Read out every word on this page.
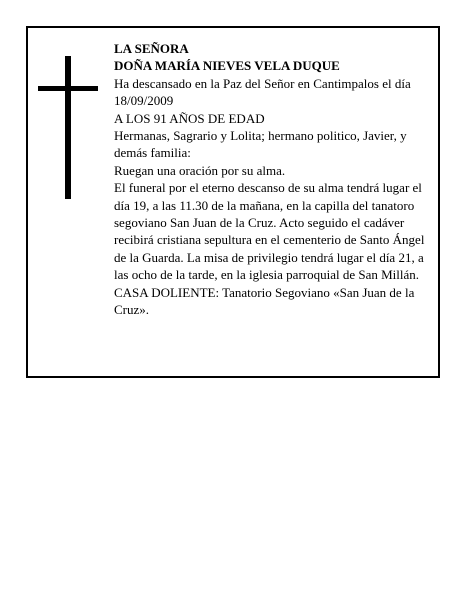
LA SEÑORA

DOÑA MARÍA NIEVES VELA DUQUE

Ha descansado en la Paz del Señor en Cantimpalos el día 18/09/2009

A LOS 91 AÑOS DE EDAD

Hermanas, Sagrario y Lolita; hermano politico, Javier, y demás familia:

Ruegan una oración por su alma.

El funeral por el eterno descanso de su alma tendrá lugar el día 19, a las 11.30 de la mañana, en la capilla del tanatoro segoviano San Juan de la Cruz. Acto seguido el cadáver recibirá cristiana sepultura en el cementerio de Santo Ángel de la Guarda. La misa de privilegio tendrá lugar el día 21, a las ocho de la tarde, en la iglesia parroquial de San Millán.

CASA DOLIENTE: Tanatorio Segoviano «San Juan de la Cruz».
